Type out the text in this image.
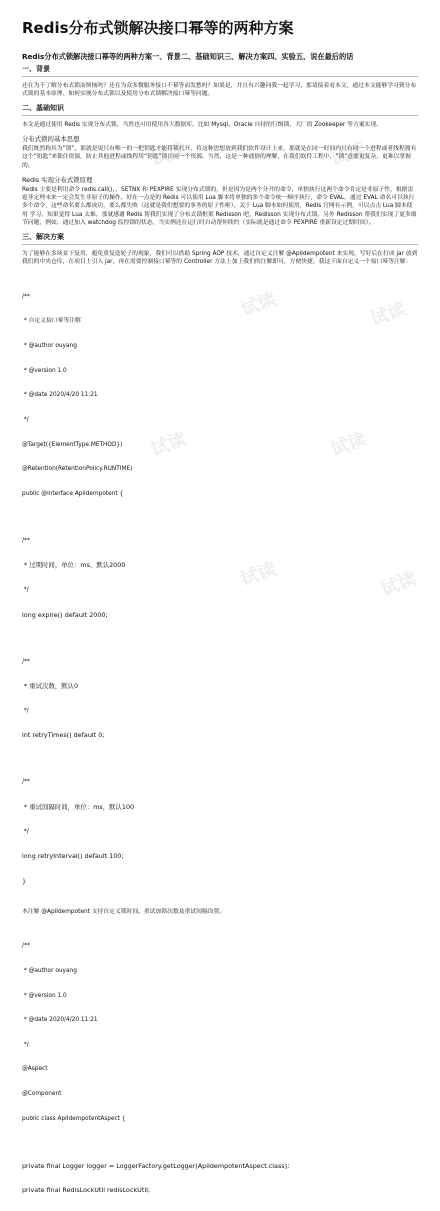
Redis分布式锁解决接口幂等的两种方案
Redis分布式锁解决接口幂等的两种方案一、背景二、基础知识三、解决方案四、实验五、说在最后的话
一、背景

还在为不了解分布式锁而烦恼吗？还在为众多微服务接口不幂等而发愁吗？如果是，并且有兴趣同我一起学习，那请接着看本文，通过本文能够学习到分布式锁的基本原理、如何实现分布式锁以及使用分布式锁解决接口幂等问题。

二、基础知识

本文是通过使用 Redis 实现分布式锁，当然也可用使用各大数据库，比如 Mysql、Oracle 自持的行级锁、大厂的 Zookeeper 等方案实现。

分布式锁的基本思想

我们既然称其为“锁”，那就是说只有唯一的一把钥匙才能将锁打开，将这种思想放到我们软件设计上来，那就是在同一时间内只有同一个进程或者线程拥有这个“钥匙”来锁住资源，防止其他进程或线程用“钥匙”锁住同一个资源。当然，这是一种通俗的理解，在我们软件工程中，“锁”意要更复杂，更难以掌握的。

Redis 实现分布式锁原理

Redis 主要是利用命令 redis.call()，、SETNX 和 PEXPIRE 实现分布式锁的，但是因为是两个分开的命令，单独执行这两个命令肯定是非原子性，根据雷霆菲定理未来一定会发生非原子的操作。好在一点是的 Redis 可以使用 Lua 脚本将单独的多个命令统一顺序执行，命令 EVAL，通过 EVAL 命名可以执行多个命令，这些命名要么都成功，要么都失败（这就是我们想要的事务的原子性啦）。关于 Lua 脚本如何使用，Redis 官网有示例，可以点击 Lua 脚本使用 学习。知果觉得 Lua 太难，那就感谢 Redis 帮我们实现了分布式锁框架 Redisson 吧，Redisson 实现分布式锁。另外 Redisson 帮我们实现了更多细节问题，例如，通过加入 watchdog 监控锁的状态，当实例还在运行时自动帮你续约（实际就是通过命令 PEXPIRE 重新设定过期时间）。

三、解决方案

为了能够在多场景下复用，避免重复造轮子的现象，我们可以借助 Spring AOP 技术，通过自定义注解 @ApiIdempotent 来实现，写好后在打成 jar 放到我们的中央仓库，在项目上引入 jar，再在需要控制接口幂等的 Controller 方法上加上我们的注解即可，方便快捷。我这下面自定义一个接口幂等注解：

/**

* 自定义接口幂等注解

* @author ouyang

* @version 1.0

* @date 2020/4/20 11:21

*/

@Target({ElementType.METHOD})

@Retention(RetentionPolicy.RUNTIME)

public @interface ApiIdempotent {

/**

* 过期时间，单位：ms，默认2000

*/

long expire() default 2000;

/**

* 重试次数，默认0

*/

int retryTimes() default 0;

/**

* 重试间隔时间，单位：ms，默认100

*/

long retryInterval() default 100;

}

本注解 @ApiIdempotent 支持自定义锁时间、重试加锁次数及重试间隔设置。

/**

* @author ouyang

* @version 1.0

* @date 2020/4/20 11:21

*/

@Aspect

@Component

public class ApiIdempotentAspect {

private final Logger logger = LoggerFactory.getLogger(ApiIdempotentAspect.class);

private final RedisLockUtil redisLockUtil;

试读	试读
试读	试读
试读	试读
试读	试读
